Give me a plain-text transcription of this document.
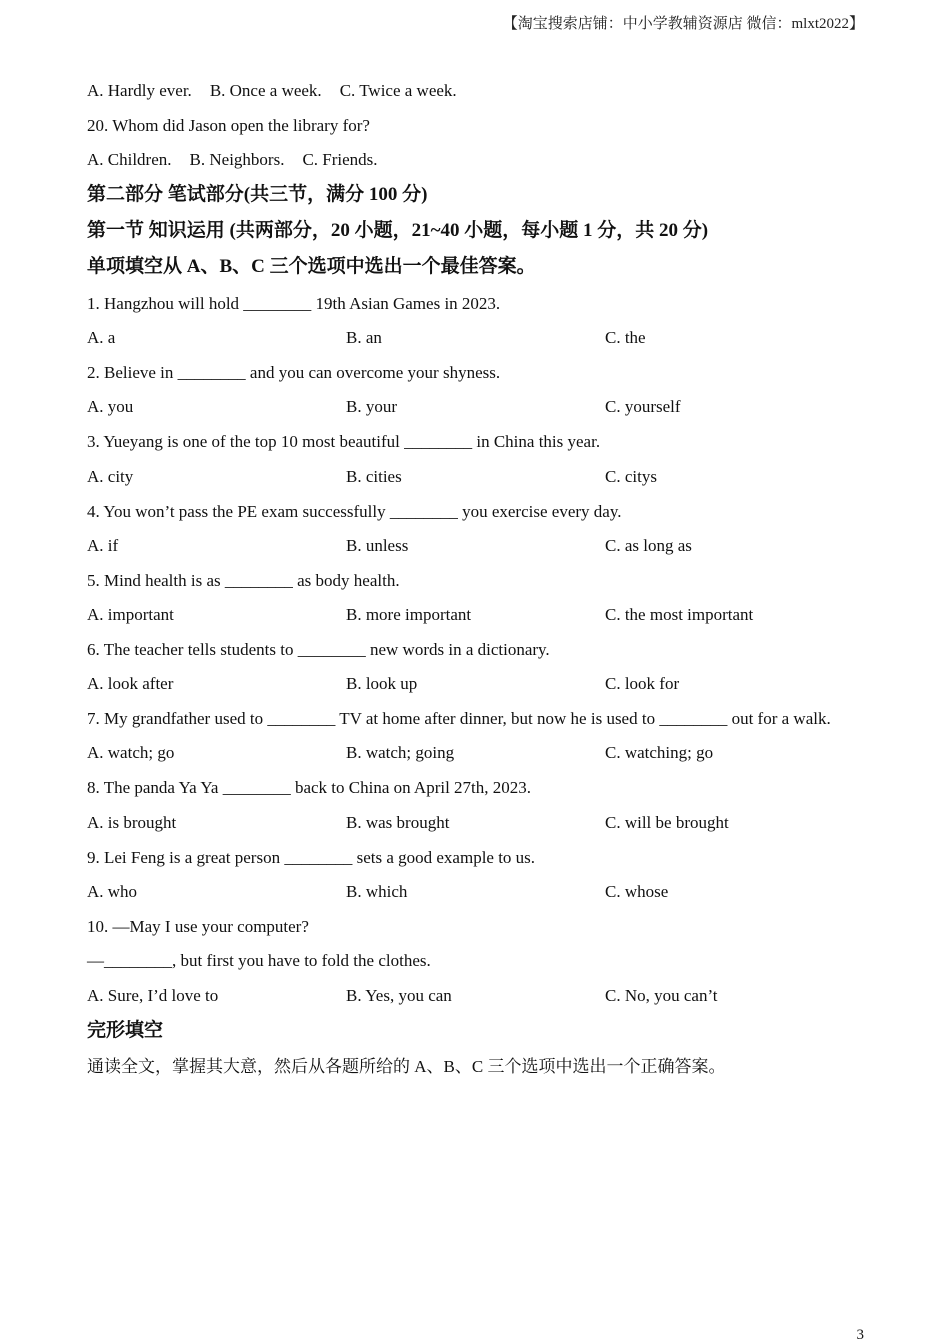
【淘宝搜索店铺：中小学教辅资源店 微信：mlxt2022】
A. Hardly ever. B. Once a week. C. Twice a week.
20. Whom did Jason open the library for?
A. Children. B. Neighbors. C. Friends.
第二部分 笔试部分(共三节，满分 100 分)
第一节 知识运用 (共两部分，20 小题，21~40 小题，每小题 1 分，共 20 分)
单项填空从 A、B、C 三个选项中选出一个最佳答案。
1. Hangzhou will hold ________ 19th Asian Games in 2023.
A. a	B. an	C. the
2. Believe in ________ and you can overcome your shyness.
A. you	B. your	C. yourself
3. Yueyang is one of the top 10 most beautiful ________ in China this year.
A. city	B. cities	C. citys
4. You won’t pass the PE exam successfully ________ you exercise every day.
A. if	B. unless	C. as long as
5. Mind health is as ________ as body health.
A. important	B. more important	C. the most important
6. The teacher tells students to ________ new words in a dictionary.
A. look after	B. look up	C. look for
7. My grandfather used to ________ TV at home after dinner, but now he is used to ________ out for a walk.
A. watch; go	B. watch; going	C. watching; go
8. The panda Ya Ya ________ back to China on April 27th, 2023.
A. is brought	B. was brought	C. will be brought
9. Lei Feng is a great person ________ sets a good example to us.
A. who	B. which	C. whose
10. —May I use your computer?
—________, but first you have to fold the clothes.
A. Sure, I’d love to	B. Yes, you can	C. No, you can’t
完形填空
通读全文，掌握其大意，然后从各题所给的 A、B、C 三个选项中选出一个正确答案。
3
